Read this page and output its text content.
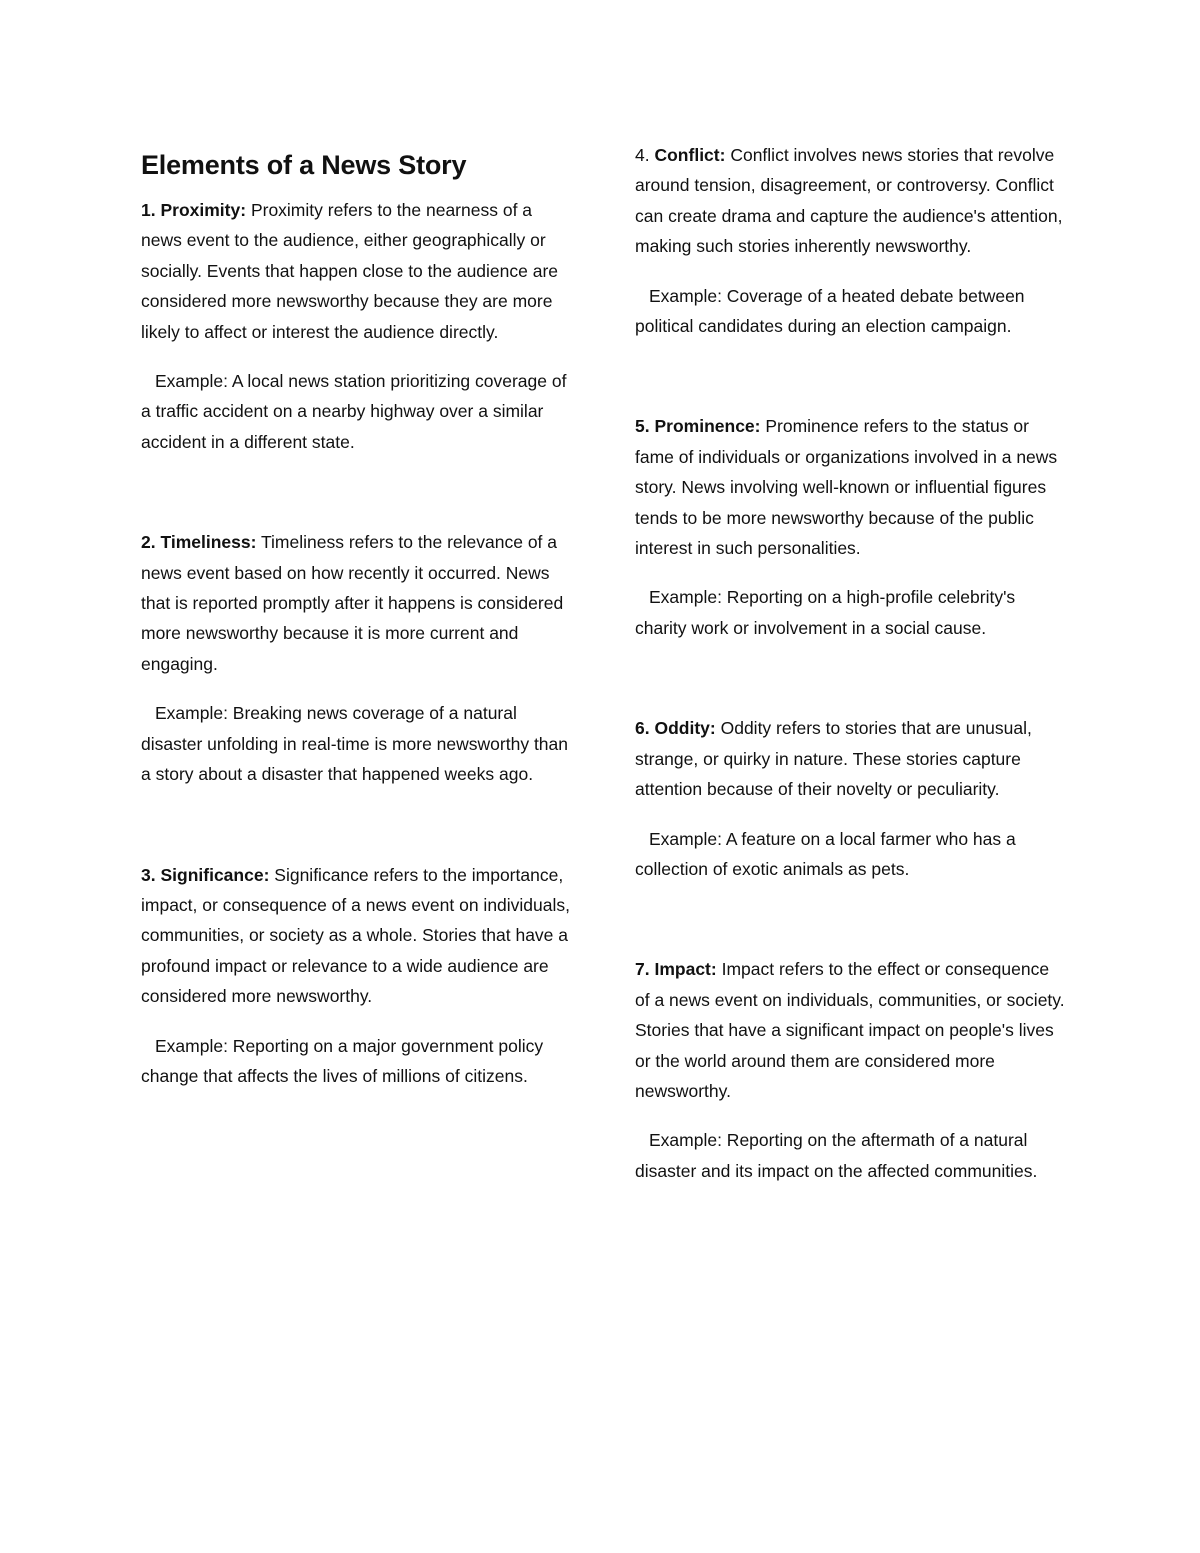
Elements of a News Story

1. Proximity: Proximity refers to the nearness of a news event to the audience, either geographically or socially. Events that happen close to the audience are considered more newsworthy because they are more likely to affect or interest the audience directly.

Example: A local news station prioritizing coverage of a traffic accident on a nearby highway over a similar accident in a different state.

2. Timeliness: Timeliness refers to the relevance of a news event based on how recently it occurred. News that is reported promptly after it happens is considered more newsworthy because it is more current and engaging.

Example: Breaking news coverage of a natural disaster unfolding in real-time is more newsworthy than a story about a disaster that happened weeks ago.

3. Significance: Significance refers to the importance, impact, or consequence of a news event on individuals, communities, or society as a whole. Stories that have a profound impact or relevance to a wide audience are considered more newsworthy.

Example: Reporting on a major government policy change that affects the lives of millions of citizens.

4. Conflict: Conflict involves news stories that revolve around tension, disagreement, or controversy. Conflict can create drama and capture the audience's attention, making such stories inherently newsworthy.

Example: Coverage of a heated debate between political candidates during an election campaign.

5. Prominence: Prominence refers to the status or fame of individuals or organizations involved in a news story. News involving well-known or influential figures tends to be more newsworthy because of the public interest in such personalities.

Example: Reporting on a high-profile celebrity's charity work or involvement in a social cause.

6. Oddity: Oddity refers to stories that are unusual, strange, or quirky in nature. These stories capture attention because of their novelty or peculiarity.

Example: A feature on a local farmer who has a collection of exotic animals as pets.

7. Impact: Impact refers to the effect or consequence of a news event on individuals, communities, or society. Stories that have a significant impact on people's lives or the world around them are considered more newsworthy.

Example: Reporting on the aftermath of a natural disaster and its impact on the affected communities.
